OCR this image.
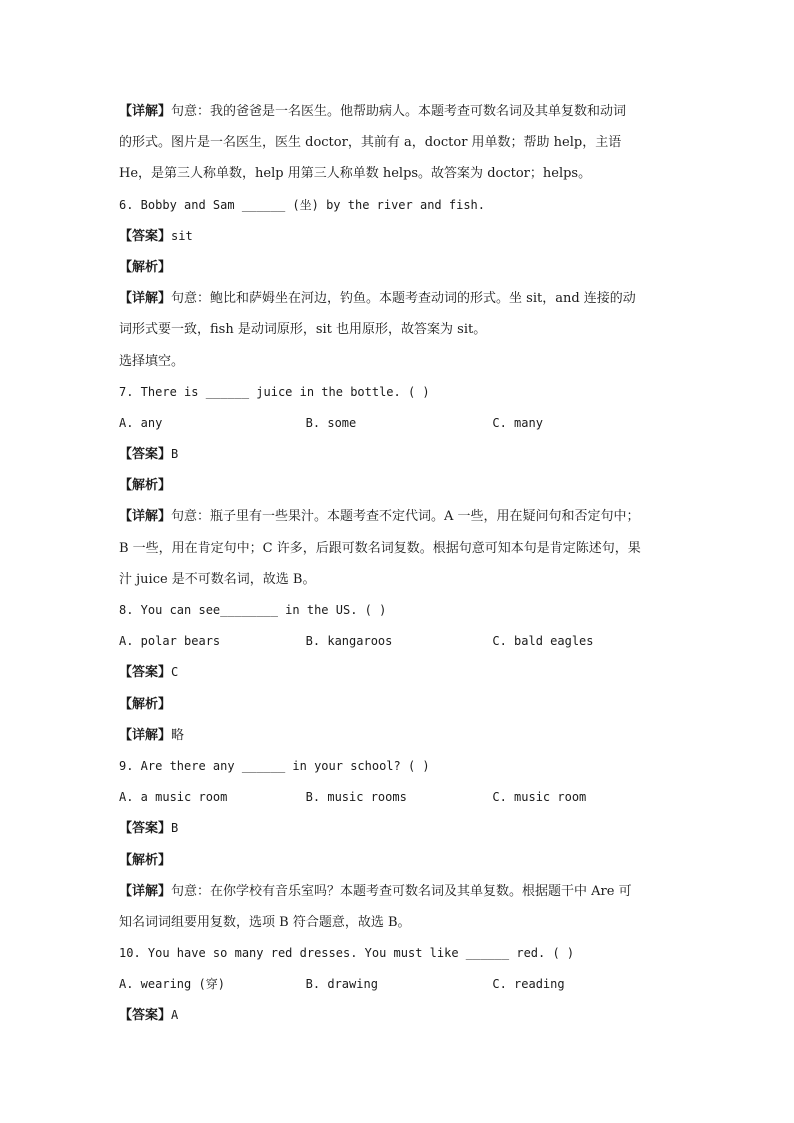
【详解】句意：我的爸爸是一名医生。他帮助病人。本题考查可数名词及其单复数和动词
的形式。图片是一名医生，医生 doctor，其前有 a，doctor 用单数；帮助 help，主语
He，是第三人称单数，help 用第三人称单数 helps。故答案为 doctor；helps。
6. Bobby and Sam ______ (坐) by the river and fish.
【答案】sit
【解析】
【详解】句意：鲍比和萨姆坐在河边，钓鱼。本题考查动词的形式。坐 sit，and 连接的动
词形式要一致，fish 是动词原形，sit 也用原形，故答案为 sit。
选择填空。
7. There is ______ juice in the bottle. ( )
A. any	B. some	C. many
【答案】B
【解析】
【详解】句意：瓶子里有一些果汁。本题考查不定代词。A 一些，用在疑问句和否定句中；
B 一些，用在肯定句中；C 许多，后跟可数名词复数。根据句意可知本句是肯定陈述句，果
汁 juice 是不可数名词，故选 B。
8. You can see________ in the US. ( )
A. polar bears	B. kangaroos	C. bald eagles
【答案】C
【解析】
【详解】略
9. Are there any ______ in your school? ( )
A. a music room	B. music rooms	C. music room
【答案】B
【解析】
【详解】句意：在你学校有音乐室吗？本题考查可数名词及其单复数。根据题干中 Are 可
知名词词组要用复数，选项 B 符合题意，故选 B。
10. You have so many red dresses. You must like ______ red. ( )
A. wearing (穿)	B. drawing	C. reading
【答案】A
